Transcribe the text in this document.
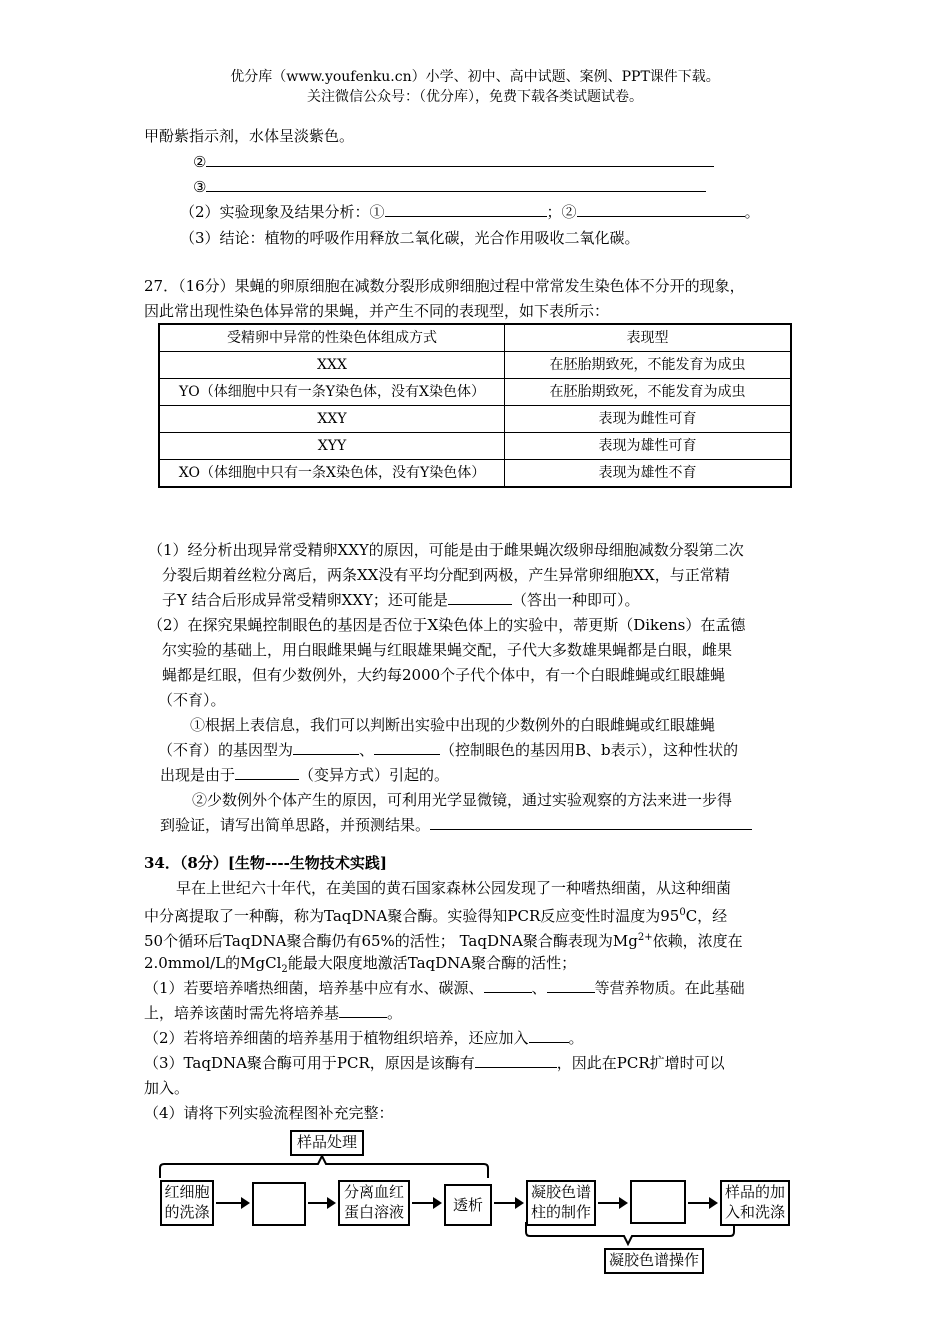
优分库（www.youfenku.cn）小学、初中、高中试题、案例、PPT课件下载。
关注微信公众号：（优分库），免费下载各类试题试卷。
甲酚紫指示剂，水体呈淡紫色。
②
③
（2）实验现象及结果分析：①	；②	。
（3）结论：植物的呼吸作用释放二氧化碳，光合作用吸收二氧化碳。
27．（16分）果蝇的卵原细胞在减数分裂形成卵细胞过程中常常发生染色体不分开的现象，
因此常出现性染色体异常的果蝇，并产生不同的表现型，如下表所示：
受精卵中异常的性染色体组成方式	表现型
XXX	在胚胎期致死，不能发育为成虫
YO（体细胞中只有一条Y染色体，没有X染色体）	在胚胎期致死，不能发育为成虫
XXY	表现为雌性可育
XYY	表现为雄性可育
XO（体细胞中只有一条X染色体，没有Y染色体）	表现为雄性不育
（1）经分析出现异常受精卵XXY的原因，可能是由于雌果蝇次级卵母细胞减数分裂第二次
分裂后期着丝粒分离后，两条XX没有平均分配到两极，产生异常卵细胞XX，与正常精
子Y 结合后形成异常受精卵XXY；还可能是	（答出一种即可）。
（2）在探究果蝇控制眼色的基因是否位于X染色体上的实验中，蒂更斯（Dikens）在孟德
尔实验的基础上，用白眼雌果蝇与红眼雄果蝇交配，子代大多数雄果蝇都是白眼，雌果
蝇都是红眼，但有少数例外，大约每2000个子代个体中，有一个白眼雌蝇或红眼雄蝇
（不育）。
①根据上表信息，我们可以判断出实验中出现的少数例外的白眼雌蝇或红眼雄蝇
（不育）的基因型为	、	（控制眼色的基因用B、b表示），这种性状的
出现是由于	（变异方式）引起的。
②少数例外个体产生的原因，可利用光学显微镜，通过实验观察的方法来进一步得
到验证，请写出简单思路，并预测结果。
34．（8分）[生物----生物技术实践]
早在上世纪六十年代，在美国的黄石国家森林公园发现了一种嗜热细菌，从这种细菌
中分离提取了一种酶，称为TaqDNA聚合酶。实验得知PCR反应变性时温度为$95^0C$，经
50个循环后TaqDNA聚合酶仍有65%的活性； TaqDNA聚合酶表现为$Mg^{2+}$依赖，浓度在
2.0mmol/L的MgCl$_2$能最大限度地激活TaqDNA聚合酶的活性；
（1）若要培养嗜热细菌，培养基中应有水、碳源、	、	等营养物质。在此基础
上，培养该菌时需先将培养基	。
（2）若将培养细菌的培养基用于植物组织培养，还应加入	。
（3）TaqDNA聚合酶可用于PCR，原因是该酶有	，因此在PCR扩增时可以
加入。
（4）请将下列实验流程图补充完整：
样品处理
红细胞的洗涤
分离血红蛋白溶液	透析
凝胶色谱柱的制作
样品的加入和洗涤
凝胶色谱操作
